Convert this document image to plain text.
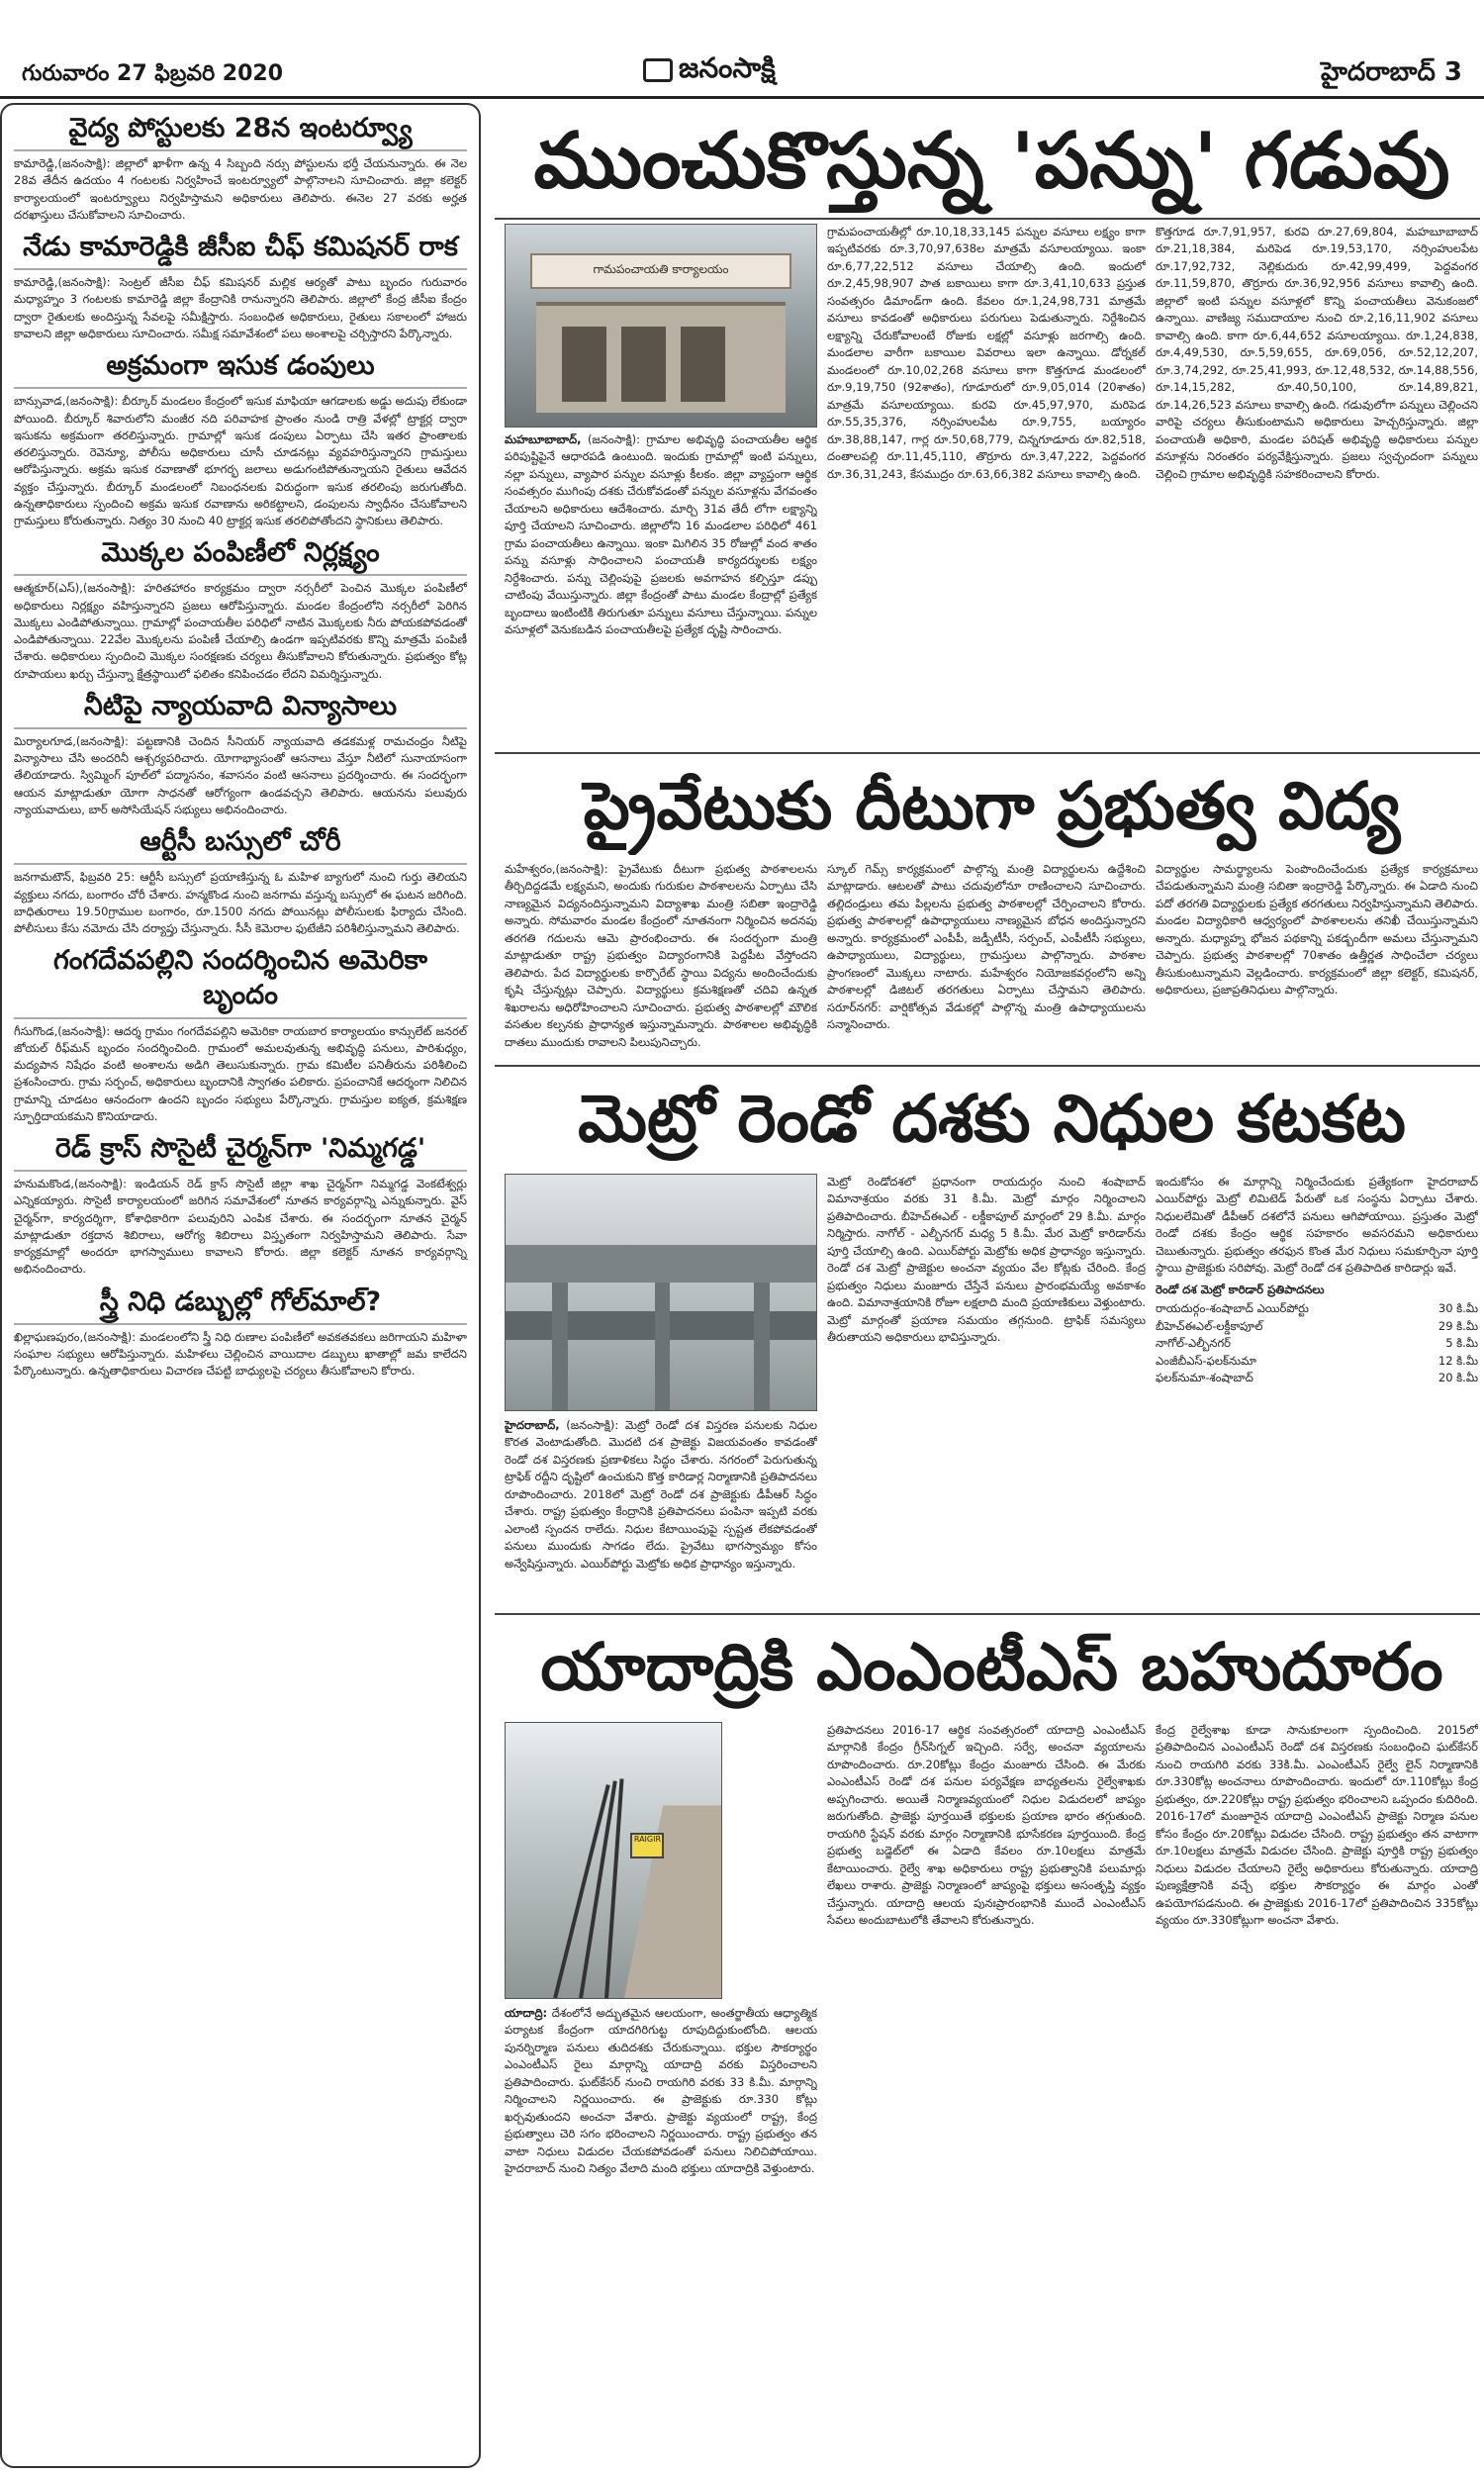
గురువారం 27 ఫిబ్రవరి 2020	జనంసాక్షి	హైదరాబాద్ 3
వైద్య పోస్టులకు 28న ఇంటర్వ్యూ
కామారెడ్డి,(జనంసాక్షి): జిల్లాలో ఖాళీగా ఉన్న 4 సిబ్బంది నర్సు పోస్టులను భర్తీ చేయనున్నారు. ఈ నెల 28వ తేదీన ఉదయం 4 గంటలకు నిర్వహించే ఇంటర్వ్యూలో పాల్గొనాలని సూచించారు. జిల్లా కలెక్టర్ కార్యాలయంలో ఇంటర్వ్యూలు నిర్వహిస్తామని అధికారులు తెలిపారు. ఈనెల 27 వరకు అర్హత దరఖాస్తులు చేసుకోవాలని సూచించారు.
నేడు కామారెడ్డికి జీసీఐ చీఫ్ కమిషనర్ రాక
కామారెడ్డి,(జనంసాక్షి): సెంట్రల్ జీసీఐ చీఫ్ కమిషనర్ మల్లిక ఆర్యతో పాటు బృందం గురువారం మధ్యాహ్నం 3 గంటలకు కామారెడ్డి జిల్లా కేంద్రానికి రానున్నారని తెలిపారు. జిల్లాలో కేంద్ర జీసీఐ కేంద్రం ద్వారా రైతులకు అందిస్తున్న సేవలపై సమీక్షిస్తారు. సంబంధిత అధికారులు, రైతులు సకాలంలో హాజరు కావాలని జిల్లా అధికారులు సూచించారు. సమీక్ష సమావేశంలో పలు అంశాలపై చర్చిస్తారని పేర్కొన్నారు.
అక్రమంగా ఇసుక డంపులు
బాన్సువాడ,(జనంసాక్షి): బీర్కూర్ మండలం కేంద్రంలో ఇసుక మాఫియా ఆగడాలకు అడ్డు అదుపు లేకుండా పోయింది. బీర్కూర్ శివారులోని మంజీర నది పరివాహక ప్రాంతం నుండి రాత్రి వేళల్లో ట్రాక్టర్ల ద్వారా ఇసుకను అక్రమంగా తరలిస్తున్నారు. గ్రామాల్లో ఇసుక డంపులు ఏర్పాటు చేసి ఇతర ప్రాంతాలకు తరలిస్తున్నారు. రెవెన్యూ, పోలీసు అధికారులు చూసీ చూడనట్లు వ్యవహరిస్తున్నారని గ్రామస్తులు ఆరోపిస్తున్నారు. అక్రమ ఇసుక రవాణాతో భూగర్భ జలాలు అడుగంటిపోతున్నాయని రైతులు ఆవేదన వ్యక్తం చేస్తున్నారు. బీర్కూర్ మండలంలో నిబంధనలకు విరుద్ధంగా ఇసుక తరలింపు జరుగుతోంది. ఉన్నతాధికారులు స్పందించి అక్రమ ఇసుక రవాణాను అరికట్టాలని, డంపులను స్వాధీనం చేసుకోవాలని గ్రామస్తులు కోరుతున్నారు. నిత్యం 30 నుంచి 40 ట్రాక్టర్ల ఇసుక తరలిపోతోందని స్థానికులు తెలిపారు.
మొక్కల పంపిణీలో నిర్లక్ష్యం
ఆత్మకూర్(ఎస్),(జనంసాక్షి): హరితహారం కార్యక్రమం ద్వారా నర్సరీలో పెంచిన మొక్కల పంపిణీలో అధికారులు నిర్లక్ష్యం వహిస్తున్నారని ప్రజలు ఆరోపిస్తున్నారు. మండల కేంద్రంలోని నర్సరీలో పెరిగిన మొక్కలు ఎండిపోతున్నాయి. గ్రామాల్లో పంచాయతీల పరిధిలో నాటిన మొక్కలకు నీరు పోయకపోవడంతో ఎండిపోతున్నాయి. 22వేల మొక్కలను పంపిణీ చేయాల్సి ఉండగా ఇప్పటివరకు కొన్ని మాత్రమే పంపిణీ చేశారు. అధికారులు స్పందించి మొక్కల సంరక్షణకు చర్యలు తీసుకోవాలని కోరుతున్నారు. ప్రభుత్వం కోట్ల రూపాయలు ఖర్చు చేస్తున్నా క్షేత్రస్థాయిలో ఫలితం కనిపించడం లేదని విమర్శిస్తున్నారు.
నీటిపై న్యాయవాది విన్యాసాలు
మిర్యాలగూడ,(జనంసాక్షి): పట్టణానికి చెందిన సీనియర్ న్యాయవాది తడకమళ్ల రామచంద్రం నీటిపై విన్యాసాలు చేసి అందరినీ ఆశ్చర్యపరిచారు. యోగాభ్యాసంతో ఆసనాలు వేస్తూ నీటిలో సునాయాసంగా తేలియాడారు. స్విమ్మింగ్ పూల్‌లో పద్మాసనం, శవాసనం వంటి ఆసనాలు ప్రదర్శించారు. ఈ సందర్భంగా ఆయన మాట్లాడుతూ యోగా సాధనతో ఆరోగ్యంగా ఉండవచ్చని తెలిపారు. ఆయనను పలువురు న్యాయవాదులు, బార్ అసోసియేషన్ సభ్యులు అభినందించారు.
ఆర్టీసీ బస్సులో చోరీ
జనగామటౌన్, ఫిబ్రవరి 25: ఆర్టీసీ బస్సులో ప్రయాణిస్తున్న ఓ మహిళ బ్యాగులో నుంచి గుర్తు తెలియని వ్యక్తులు నగదు, బంగారం చోరీ చేశారు. హన్మకొండ నుంచి జనగామ వస్తున్న బస్సులో ఈ ఘటన జరిగింది. బాధితురాలు 19.50గ్రాముల బంగారం, రూ.1500 నగదు పోయినట్లు పోలీసులకు ఫిర్యాదు చేసింది. పోలీసులు కేసు నమోదు చేసి దర్యాప్తు చేస్తున్నారు. సీసీ కెమెరాల ఫుటేజీని పరిశీలిస్తున్నామని తెలిపారు.
గంగదేవపల్లిని సందర్శించిన అమెరికా బృందం
గీసుగొండ,(జనంసాక్షి): ఆదర్శ గ్రామం గంగదేవపల్లిని అమెరికా రాయబార కార్యాలయం కాన్సులేట్ జనరల్ జోయల్ రీఫ్‌మన్ బృందం సందర్శించింది. గ్రామంలో అమలవుతున్న అభివృద్ధి పనులు, పారిశుధ్యం, మద్యపాన నిషేధం వంటి అంశాలను అడిగి తెలుసుకున్నారు. గ్రామ కమిటీల పనితీరును పరిశీలించి ప్రశంసించారు. గ్రామ సర్పంచ్, అధికారులు బృందానికి స్వాగతం పలికారు. ప్రపంచానికే ఆదర్శంగా నిలిచిన గ్రామాన్ని చూడటం ఆనందంగా ఉందని బృందం సభ్యులు పేర్కొన్నారు. గ్రామస్తుల ఐక్యత, క్రమశిక్షణ స్ఫూర్తిదాయకమని కొనియాడారు.
రెడ్ క్రాస్ సొసైటీ చైర్మన్‌గా 'నిమ్మగడ్డ'
హనుమకొండ,(జనంసాక్షి): ఇండియన్ రెడ్ క్రాస్ సొసైటీ జిల్లా శాఖ చైర్మన్‌గా నిమ్మగడ్డ వెంకటేశ్వర్లు ఎన్నికయ్యారు. సొసైటీ కార్యాలయంలో జరిగిన సమావేశంలో నూతన కార్యవర్గాన్ని ఎన్నుకున్నారు. వైస్ చైర్మన్‌గా, కార్యదర్శిగా, కోశాధికారిగా పలువురిని ఎంపిక చేశారు. ఈ సందర్భంగా నూతన చైర్మన్ మాట్లాడుతూ రక్తదాన శిబిరాలు, ఆరోగ్య శిబిరాలు విస్తృతంగా నిర్వహిస్తామని తెలిపారు. సేవా కార్యక్రమాల్లో అందరూ భాగస్వాములు కావాలని కోరారు. జిల్లా కలెక్టర్ నూతన కార్యవర్గాన్ని అభినందించారు.
స్త్రీ నిధి డబ్బుల్లో గోల్‌మాల్?
ఖిల్లాఘణపురం,(జనంసాక్షి): మండలంలోని స్త్రీ నిధి రుణాల పంపిణీలో అవకతవకలు జరిగాయని మహిళా సంఘాల సభ్యులు ఆరోపిస్తున్నారు. మహిళలు చెల్లించిన వాయిదాల డబ్బులు ఖాతాల్లో జమ కాలేదని పేర్కొంటున్నారు. ఉన్నతాధికారులు విచారణ చేపట్టి బాధ్యులపై చర్యలు తీసుకోవాలని కోరారు.
ముంచుకొస్తున్న 'పన్ను' గడువు
గామపంచాయతి కార్యాలయం

మహబూబాబాద్, (జనంసాక్షి): గ్రామాల అభివృద్ధి పంచాయతీల ఆర్థిక పరిపుష్టిపైనే ఆధారపడి ఉంటుంది. ఇందుకు గ్రామాల్లో ఇంటి పన్నులు, నల్లా పన్నులు, వ్యాపార పన్నుల వసూళ్లు కీలకం. జిల్లా వ్యాప్తంగా ఆర్థిక సంవత్సరం ముగింపు దశకు చేరుకోవడంతో పన్నుల వసూళ్లను వేగవంతం చేయాలని అధికారులు ఆదేశించారు. మార్చి 31వ తేదీ లోగా లక్ష్యాన్ని పూర్తి చేయాలని సూచించారు. జిల్లాలోని 16 మండలాల పరిధిలో 461 గ్రామ పంచాయతీలు ఉన్నాయి. ఇంకా మిగిలిన 35 రోజుల్లో వంద శాతం పన్ను వసూళ్లు సాధించాలని పంచాయతీ కార్యదర్శులకు లక్ష్యం నిర్దేశించారు. పన్ను చెల్లింపుపై ప్రజలకు అవగాహన కల్పిస్తూ డప్పు చాటింపు వేయిస్తున్నారు. జిల్లా కేంద్రంతో పాటు మండల కేంద్రాల్లో ప్రత్యేక బృందాలు ఇంటింటికి తిరుగుతూ పన్నులు వసూలు చేస్తున్నాయి. పన్నుల వసూళ్లలో వెనుకబడిన పంచాయతీలపై ప్రత్యేక దృష్టి సారించారు.

గ్రామపంచాయతీల్లో రూ.10,18,33,145 పన్నుల వసూలు లక్ష్యం కాగా ఇప్పటివరకు రూ.3,70,97,638ల మాత్రమే వసూలయ్యాయి. ఇంకా రూ.6,77,22,512 వసూలు చేయాల్సి ఉంది. ఇందులో రూ.2,45,98,907 పాత బకాయిలు కాగా రూ.3,41,10,633 ప్రస్తుత సంవత్సరం డిమాండ్‌గా ఉంది. కేవలం రూ.1,24,98,731 మాత్రమే వసూలు కావడంతో అధికారులు పరుగులు పెడుతున్నారు. నిర్దేశించిన లక్ష్యాన్ని చేరుకోవాలంటే రోజుకు లక్షల్లో వసూళ్లు జరగాల్సి ఉంది. మండలాల వారీగా బకాయిల వివరాలు ఇలా ఉన్నాయి. డోర్నకల్ మండలంలో రూ.10,02,268 వసూలు కాగా కొత్తగూడ మండలంలో రూ.9,19,750 (92శాతం), గూడూరులో రూ.9,05,014 (20శాతం) మాత్రమే వసూలయ్యాయి. కురవి రూ.45,97,970, మరిపెడ రూ.55,35,376, నర్సింహులపేట రూ.9,755, బయ్యారం రూ.38,88,147, గార్ల రూ.50,68,779, చిన్నగూడూరు రూ.82,518, దంతాలపల్లి రూ.11,45,110, తొర్రూరు రూ.3,47,222, పెద్దవంగర రూ.36,31,243, కేసముద్రం రూ.63,66,382 వసూలు కావాల్సి ఉంది.

కొత్తగూడ రూ.7,91,957, కురవి రూ.27,69,804, మహబూబాబాద్ రూ.21,18,384, మరిపెడ రూ.19,53,170, నర్సింహులపేట రూ.17,92,732, నెల్లికుదురు రూ.42,99,499, పెద్దవంగర రూ.11,59,870, తొర్రూరు రూ.36,92,956 వసూలు కావాల్సి ఉంది. జిల్లాలో ఇంటి పన్నుల వసూళ్లలో కొన్ని పంచాయతీలు వెనుకంజలో ఉన్నాయి. వాణిజ్య సముదాయాల నుంచి రూ.2,16,11,902 వసూలు కావాల్సి ఉంది. కాగా రూ.6,44,652 వసూలయ్యాయి. రూ.1,24,838, రూ.4,49,530, రూ.5,59,655, రూ.69,056, రూ.52,12,207, రూ.3,74,292, రూ.25,41,993, రూ.12,48,532, రూ.14,88,556, రూ.14,15,282, రూ.40,50,100, రూ.14,89,821, రూ.14,26,523 వసూలు కావాల్సి ఉంది. గడువులోగా పన్నులు చెల్లించని వారిపై చర్యలు తీసుకుంటామని అధికారులు హెచ్చరిస్తున్నారు. జిల్లా పంచాయతీ అధికారి, మండల పరిషత్ అభివృద్ధి అధికారులు పన్నుల వసూళ్లను నిరంతరం పర్యవేక్షిస్తున్నారు. ప్రజలు స్వచ్ఛందంగా పన్నులు చెల్లించి గ్రామాల అభివృద్ధికి సహకరించాలని కోరారు.

ప్రైవేటుకు దీటుగా ప్రభుత్వ విద్య

మహేశ్వరం,(జనంసాక్షి): ప్రైవేటుకు దీటుగా ప్రభుత్వ పాఠశాలలను తీర్చిదిద్దడమే లక్ష్యమని, అందుకు గురుకుల పాఠశాలలను ఏర్పాటు చేసి నాణ్యమైన విద్యనందిస్తున్నామని విద్యాశాఖ మంత్రి సబితా ఇంద్రారెడ్డి అన్నారు. సోమవారం మండల కేంద్రంలో నూతనంగా నిర్మించిన అదనపు తరగతి గదులను ఆమె ప్రారంభించారు. ఈ సందర్భంగా మంత్రి మాట్లాడుతూ రాష్ట్ర ప్రభుత్వం విద్యారంగానికి పెద్దపీట వేస్తోందని తెలిపారు. పేద విద్యార్థులకు కార్పొరేట్ స్థాయి విద్యను అందించేందుకు కృషి చేస్తున్నట్లు చెప్పారు. విద్యార్థులు క్రమశిక్షణతో చదివి ఉన్నత శిఖరాలను అధిరోహించాలని సూచించారు. ప్రభుత్వ పాఠశాలల్లో మౌలిక వసతుల కల్పనకు ప్రాధాన్యత ఇస్తున్నామన్నారు. పాఠశాలల అభివృద్ధికి దాతలు ముందుకు రావాలని పిలుపునిచ్చారు.

స్కూల్ గెమ్స్ కార్యక్రమంలో పాల్గొన్న మంత్రి విద్యార్థులను ఉద్దేశించి మాట్లాడారు. ఆటలతో పాటు చదువులోనూ రాణించాలని సూచించారు. తల్లిదండ్రులు తమ పిల్లలను ప్రభుత్వ పాఠశాలల్లో చేర్పించాలని కోరారు. ప్రభుత్వ పాఠశాలల్లో ఉపాధ్యాయులు నాణ్యమైన బోధన అందిస్తున్నారని అన్నారు. కార్యక్రమంలో ఎంపీపీ, జడ్పీటీసీ, సర్పంచ్, ఎంపీటీసీ సభ్యులు, ఉపాధ్యాయులు, విద్యార్థులు, గ్రామస్తులు పాల్గొన్నారు. పాఠశాల ప్రాంగణంలో మొక్కలు నాటారు. మహేశ్వరం నియోజకవర్గంలోని అన్ని పాఠశాలల్లో డిజిటల్ తరగతులు ఏర్పాటు చేస్తామని తెలిపారు. సరూర్‌నగర్: వార్షికోత్సవ వేడుకల్లో పాల్గొన్న మంత్రి ఉపాధ్యాయులను సన్మానించారు.

విద్యార్థుల సామర్థ్యాలను పెంపొందించేందుకు ప్రత్యేక కార్యక్రమాలు చేపడుతున్నామని మంత్రి సబితా ఇంద్రారెడ్డి పేర్కొన్నారు. ఈ ఏడాది నుంచి పదో తరగతి విద్యార్థులకు ప్రత్యేక తరగతులు నిర్వహిస్తున్నామని తెలిపారు. మండల విద్యాధికారి ఆధ్వర్యంలో పాఠశాలలను తనిఖీ చేయిస్తున్నామని అన్నారు. మధ్యాహ్న భోజన పథకాన్ని పకడ్బందీగా అమలు చేస్తున్నామని చెప్పారు. ప్రభుత్వ పాఠశాలల్లో 70శాతం ఉత్తీర్ణత సాధించేలా చర్యలు తీసుకుంటున్నామని వెల్లడించారు. కార్యక్రమంలో జిల్లా కలెక్టర్, కమిషనర్, అధికారులు, ప్రజాప్రతినిధులు పాల్గొన్నారు.

మెట్రో రెండో దశకు నిధుల కటకట

హైదరాబాద్, (జనంసాక్షి): మెట్రో రెండో దశ విస్తరణ పనులకు నిధుల కొరత వెంటాడుతోంది. మొదటి దశ ప్రాజెక్టు విజయవంతం కావడంతో రెండో దశ విస్తరణకు ప్రణాళికలు సిద్ధం చేశారు. నగరంలో పెరుగుతున్న ట్రాఫిక్ రద్దీని దృష్టిలో ఉంచుకుని కొత్త కారిడార్ల నిర్మాణానికి ప్రతిపాదనలు రూపొందించారు. 2018లో మెట్రో రెండో దశ ప్రాజెక్టుకు డీపీఆర్ సిద్ధం చేశారు. రాష్ట్ర ప్రభుత్వం కేంద్రానికి ప్రతిపాదనలు పంపినా ఇప్పటి వరకు ఎలాంటి స్పందన రాలేదు. నిధుల కేటాయింపుపై స్పష్టత లేకపోవడంతో పనులు ముందుకు సాగడం లేదు. ప్రైవేటు భాగస్వామ్యం కోసం అన్వేషిస్తున్నారు. ఎయిర్‌పోర్టు మెట్రోకు అధిక ప్రాధాన్యం ఇస్తున్నారు.

మెట్రో రెండోదశలో ప్రధానంగా రాయదుర్గం నుంచి శంషాబాద్ విమానాశ్రయం వరకు 31 కి.మీ. మెట్రో మార్గం నిర్మించాలని ప్రతిపాదించారు. బీహెచ్‌ఈఎల్ - లక్డీకాపూల్ మార్గంలో 29 కి.మీ. మార్గం నిర్మిస్తారు. నాగోల్ - ఎల్బీనగర్ మధ్య 5 కి.మీ. మేర మెట్రో కారిడార్‌ను పూర్తి చేయాల్సి ఉంది. ఎయిర్‌పోర్టు మెట్రోకు అధిక ప్రాధాన్యం ఇస్తున్నారు. రెండో దశ మెట్రో ప్రాజెక్టుల అంచనా వ్యయం వేల కోట్లకు చేరింది. కేంద్ర ప్రభుత్వం నిధులు మంజూరు చేస్తేనే పనులు ప్రారంభమయ్యే అవకాశం ఉంది. విమానాశ్రయానికి రోజూ లక్షలాది మంది ప్రయాణికులు వెళ్తుంటారు. మెట్రో మార్గంతో ప్రయాణ సమయం తగ్గనుంది. ట్రాఫిక్ సమస్యలు తీరుతాయని అధికారులు భావిస్తున్నారు.

ఇందుకోసం ఈ మార్గాన్ని నిర్మించేందుకు ప్రత్యేకంగా హైదరాబాద్ ఎయిర్‌పోర్టు మెట్రో లిమిటెడ్ పేరుతో ఒక సంస్థను ఏర్పాటు చేశారు. నిధులలేమితో డీపీఆర్ దశలోనే పనులు ఆగిపోయాయి. ప్రస్తుతం మెట్రో రెండో దశకు కేంద్రం ఆర్థిక సహకారం అవసరమని అధికారులు చెబుతున్నారు. ప్రభుత్వం తరఫున కొంత మేర నిధులు సమకూర్చినా పూర్తి స్థాయి ప్రాజెక్టుకు సరిపోవు. మెట్రో రెండో దశ ప్రతిపాదిత కారిడార్లు ఇవే.

రెండో దశ మెట్రో కారిడార్ ప్రతిపాదనలు

రాయదుర్గం-శంషాబాద్ ఎయిర్‌పోర్టు	30 కి.మీ
బీహెచ్‌ఈఎల్-లక్డీకాపూల్	29 కి.మీ
నాగోల్-ఎల్బీనగర్	5 కి.మీ
ఎంజీబీఎస్-ఫలక్‌నుమా	12 కి.మీ
ఫలక్‌నుమా-శంషాబాద్	20 కి.మీ
యాదాద్రికి ఎంఎంటీఎస్ బహుదూరం
RAIGIR

యాదాద్రి: దేశంలోనే అద్భుతమైన ఆలయంగా, అంతర్జాతీయ ఆధ్యాత్మిక పర్యాటక కేంద్రంగా యాదగిరిగుట్ట రూపుదిద్దుకుంటోంది. ఆలయ పునర్నిర్మాణ పనులు తుదిదశకు చేరుకున్నాయి. భక్తుల సౌకర్యార్థం ఎంఎంటీఎస్ రైలు మార్గాన్ని యాదాద్రి వరకు విస్తరించాలని ప్రతిపాదించారు. ఘట్‌కేసర్ నుంచి రాయగిరి వరకు 33 కి.మీ. మార్గాన్ని నిర్మించాలని నిర్ణయించారు. ఈ ప్రాజెక్టుకు రూ.330 కోట్లు ఖర్చవుతుందని అంచనా వేశారు. ప్రాజెక్టు వ్యయంలో రాష్ట్ర, కేంద్ర ప్రభుత్వాలు చెరి సగం భరించాలని నిర్ణయించారు. రాష్ట్ర ప్రభుత్వం తన వాటా నిధులు విడుదల చేయకపోవడంతో పనులు నిలిచిపోయాయి. హైదరాబాద్ నుంచి నిత్యం వేలాది మంది భక్తులు యాదాద్రికి వెళ్తుంటారు.

ప్రతిపాదనలు 2016-17 ఆర్థిక సంవత్సరంలో యాదాద్రి ఎంఎంటీఎస్ మార్గానికి కేంద్రం గ్రీన్‌సిగ్నల్ ఇచ్చింది. సర్వే, అంచనా వ్యయాలను రూపొందించారు. రూ.20కోట్లు కేంద్రం మంజూరు చేసింది. ఈ మేరకు ఎంఎంటీఎస్ రెండో దశ పనుల పర్యవేక్షణ బాధ్యతలను రైల్వేశాఖకు అప్పగించారు. అయితే నిర్మాణవ్యయంలో నిధుల విడుదలలో జాప్యం జరుగుతోంది. ప్రాజెక్టు పూర్తయితే భక్తులకు ప్రయాణ భారం తగ్గుతుంది. రాయగిరి స్టేషన్ వరకు మార్గం నిర్మాణానికి భూసేకరణ పూర్తయింది. కేంద్ర ప్రభుత్వ బడ్జెట్‌లో ఈ ఏడాది కేవలం రూ.10లక్షలు మాత్రమే కేటాయించారు. రైల్వే శాఖ అధికారులు రాష్ట్ర ప్రభుత్వానికి పలుమార్లు లేఖలు రాశారు. ప్రాజెక్టు నిర్మాణంలో జాప్యంపై భక్తులు అసంతృప్తి వ్యక్తం చేస్తున్నారు. యాదాద్రి ఆలయ పునఃప్రారంభానికి ముందే ఎంఎంటీఎస్ సేవలు అందుబాటులోకి తేవాలని కోరుతున్నారు.

కేంద్ర రైల్వేశాఖ కూడా సానుకూలంగా స్పందించింది. 2015లో ప్రతిపాదించిన ఎంఎంటీఎస్ రెండో దశ విస్తరణకు సంబంధించి ఘట్‌కేసర్ నుంచి రాయగిరి వరకు 33కి.మీ. ఎంఎంటీఎస్ రైల్వే లైన్ నిర్మాణానికి రూ.330కోట్ల అంచనాలు రూపొందించారు. ఇందులో రూ.110కోట్లు కేంద్ర ప్రభుత్వం, రూ.220కోట్లు రాష్ట్ర ప్రభుత్వం భరించాలని ఒప్పందం కుదిరింది. 2016-17లో మంజూరైన యాదాద్రి ఎంఎంటీఎస్ ప్రాజెక్టు నిర్మాణ పనుల కోసం కేంద్రం రూ.20కోట్లు విడుదల చేసింది. రాష్ట్ర ప్రభుత్వం తన వాటాగా రూ.10లక్షలు మాత్రమే విడుదల చేసింది. ప్రాజెక్టు పూర్తికి రాష్ట్ర ప్రభుత్వం నిధులు విడుదల చేయాలని రైల్వే అధికారులు కోరుతున్నారు. యాదాద్రి పుణ్యక్షేత్రానికి వచ్చే భక్తుల సౌకర్యార్థం ఈ మార్గం ఎంతో ఉపయోగపడనుంది. ఈ ప్రాజెక్టుకు 2016-17లో ప్రతిపాదించిన 335కోట్లు వ్యయం రూ.330కోట్లుగా అంచనా వేశారు.
